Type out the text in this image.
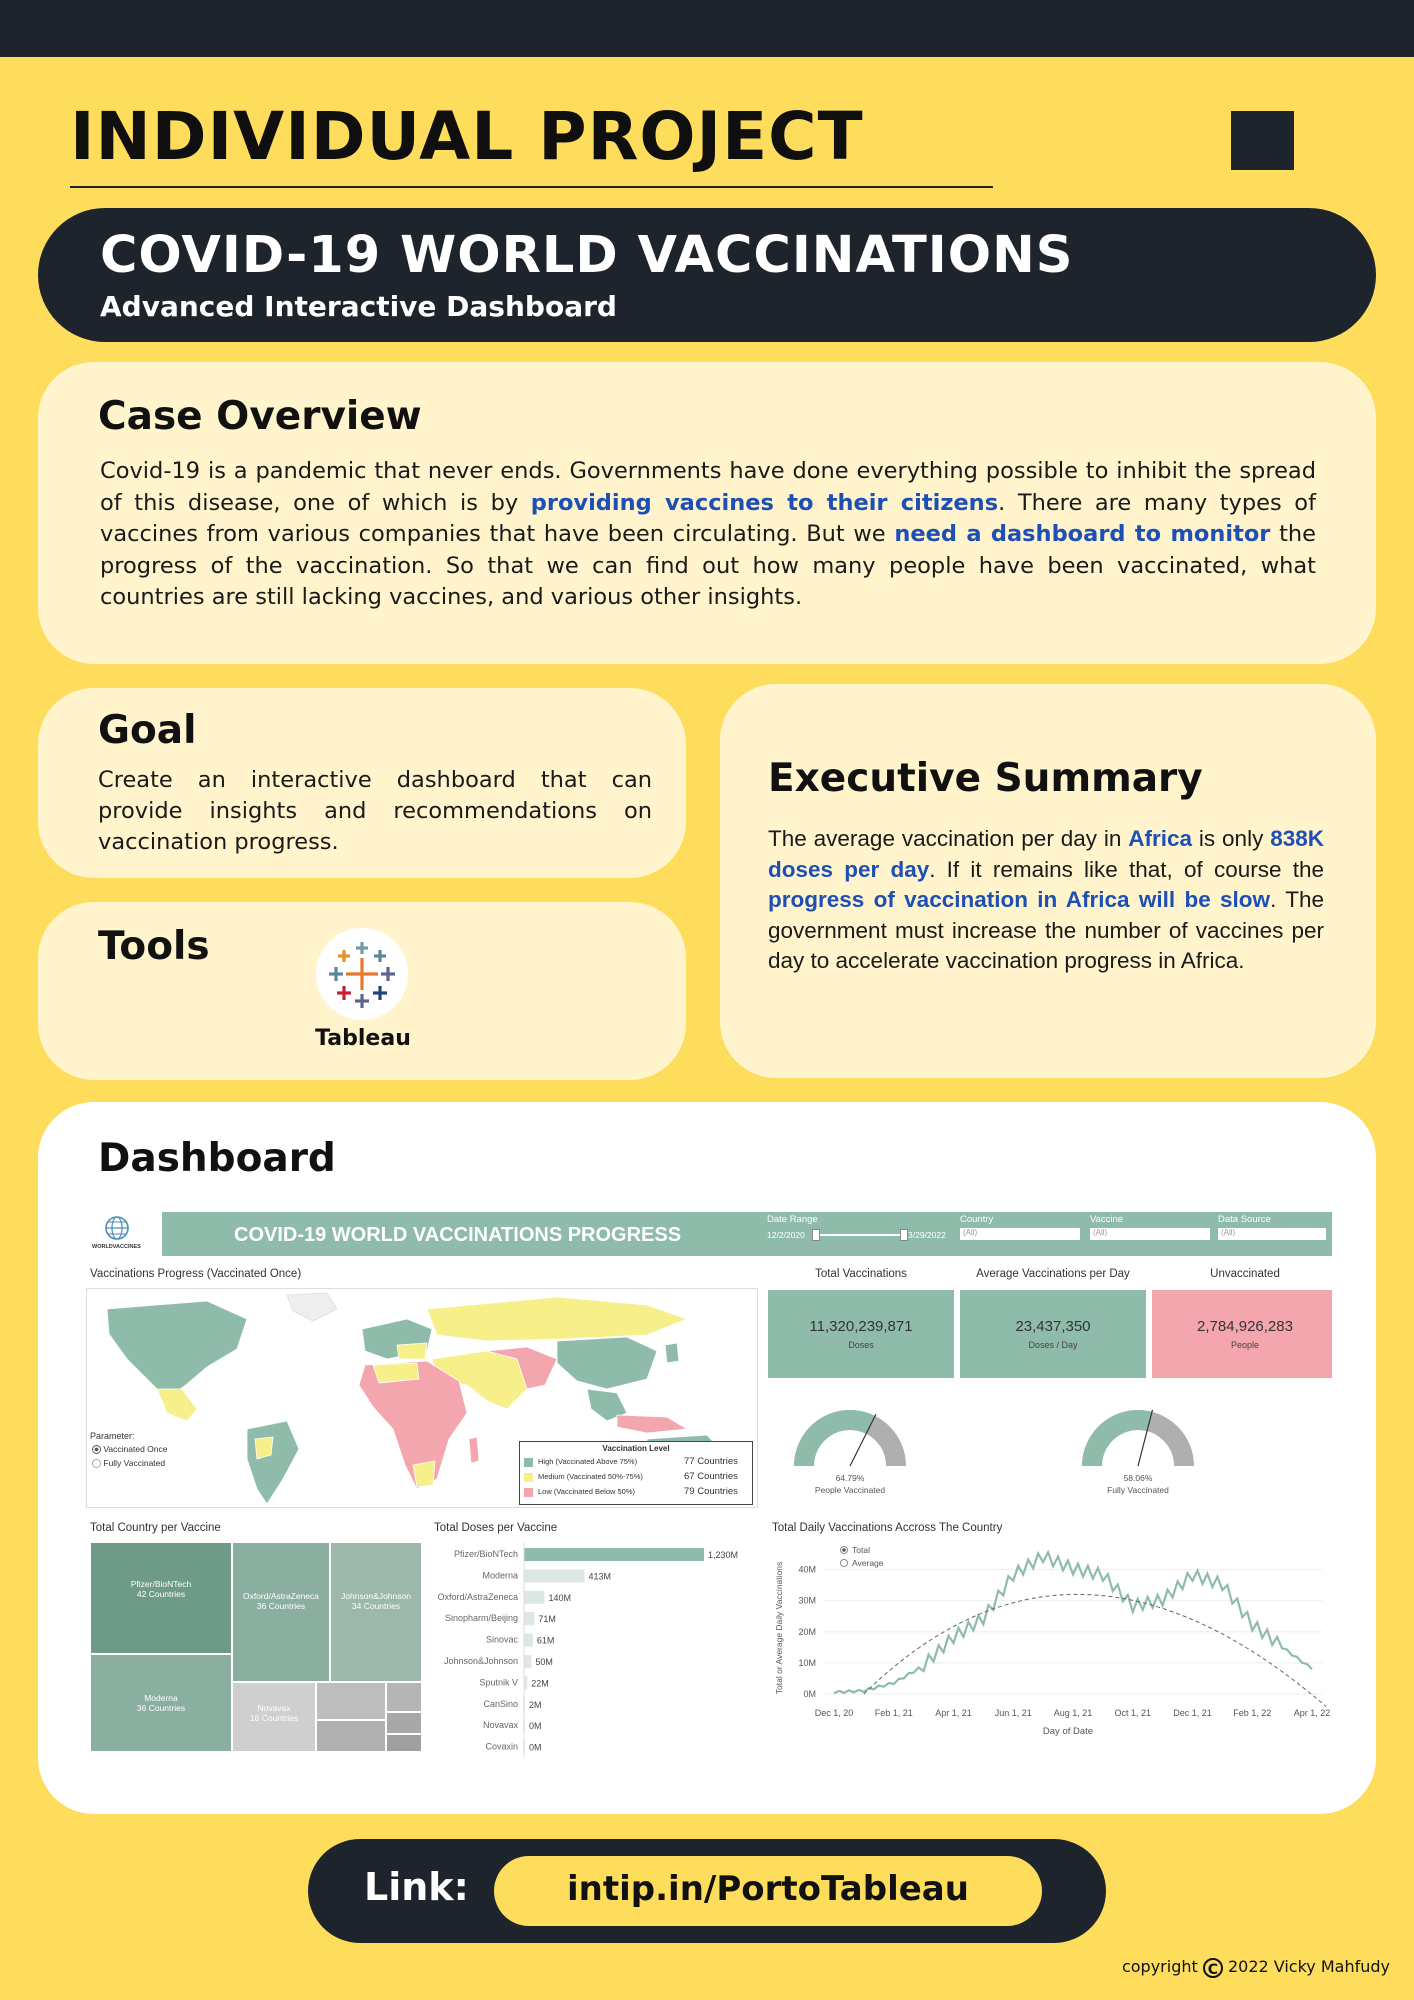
INDIVIDUAL PROJECT
COVID-19 WORLD VACCINATIONS
Advanced Interactive Dashboard
Case Overview

Covid-19 is a pandemic that never ends. Governments have done everything possible to inhibit the spread of this disease, one of which is by providing vaccines to their citizens. There are many types of vaccines from various companies that have been circulating. But we need a dashboard to monitor the progress of the vaccination. So that we can find out how many people have been vaccinated, what countries are still lacking vaccines, and various other insights.

Goal

Create an interactive dashboard that can provide insights and recommendations on vaccination progress.

Tools
Tableau
Executive Summary

The average vaccination per day in Africa is only 838K doses per day. If it remains like that, of course the progress of vaccination in Africa will be slow. The government must increase the number of vaccines per day to accelerate vaccination progress in Africa.

Dashboard
WORLDVACCINES
COVID-19 WORLD VACCINATIONS PROGRESS
Date Range
12/2/2020	3/29/2022
Country
(All)
Vaccine
(All)
Data Source
(All)
Vaccinations Progress (Vaccinated Once)
Parameter:
Vaccinated Once
Fully Vaccinated
Vaccination Level
High (Vaccinated Above 75%)	77 Countries
Medium (Vaccinated 50%-75%)	67 Countries
Low (Vaccinated Below 50%)	79 Countries
Total Vaccinations
11,320,239,871
Doses
Average Vaccinations per Day
23,437,350
Doses / Day
Unvaccinated
2,784,926,283
People
64.79%
People Vaccinated
58.06%
Fully Vaccinated
Total Country per Vaccine
Pfizer/BioNTech
42 Countries	Oxford/AstraZeneca
36 Countries
Johnson&Johnson
34 Countries
Moderna
36 Countries	Novavax
16 Countries
Total Doses per Vaccine
Pfizer/BioNTech	1,230M
Moderna	413M
Oxford/AstraZeneca	140M
Sinopharm/Beijing 71M
Sinovac 61M
Johnson&Johnson 50M
Sputnik V 22M
CanSino 2M
Novavax 0M
Covaxin 0M
Total Daily Vaccinations Accross The Country
0M
10M
20M
30M
40M
Total or Average Daily Vaccinations
Dec 1, 20 Feb 1, 21 Apr 1, 21	Jun 1, 21 Aug 1, 21 Oct 1, 21 Dec 1, 21 Feb 1, 22 Apr 1, 22
Day of Date
Total
Average
Link:	intip.in/PortoTableau
copyright C 2022 Vicky Mahfudy
